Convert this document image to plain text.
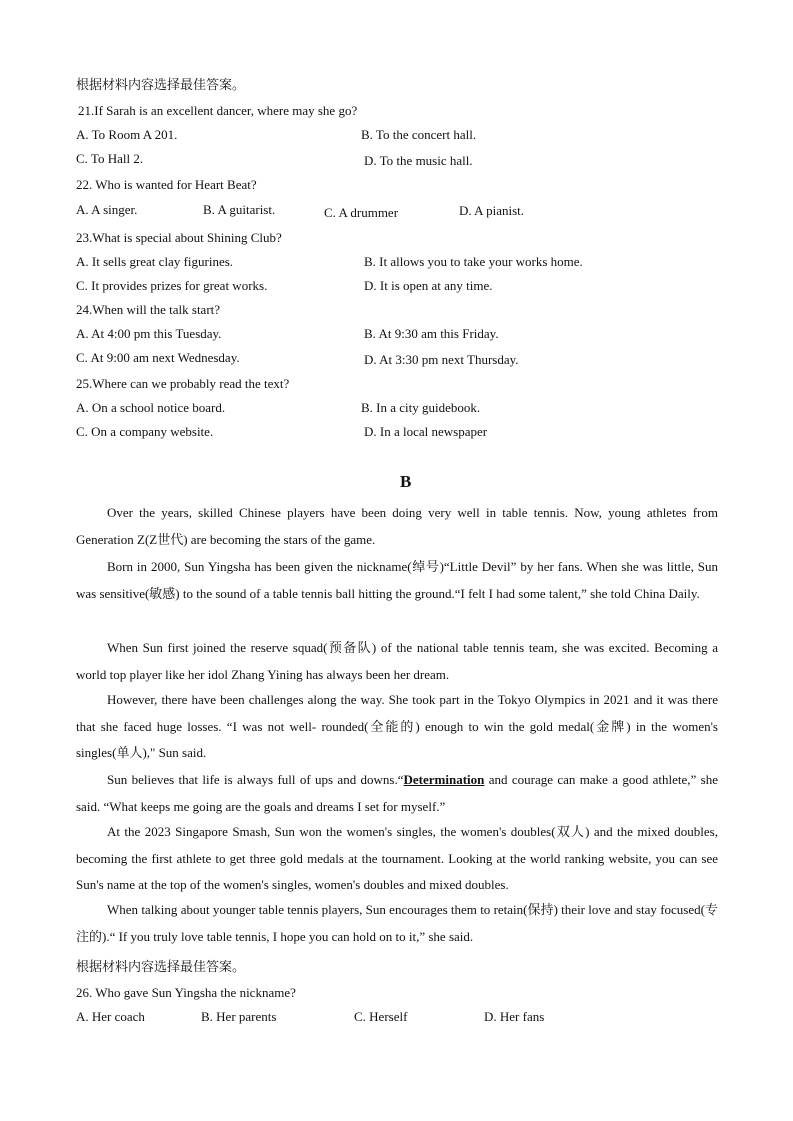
根据材料内容选择最佳答案。
21.If Sarah is an excellent dancer, where may she go?
A. To Room A 201.	B. To the concert hall.
C. To Hall 2.	D. To the music hall.
22. Who is wanted for Heart Beat?
A. A singer.	B. A guitarist.	C. A drummer	D. A pianist.
23.What is special about Shining Club?
A. It sells great clay figurines.	B. It allows you to take your works home.
C. It provides prizes for great works.	D. It is open at any time.
24.When will the talk start?
A. At 4:00 pm this Tuesday.	B. At 9:30 am this Friday.
C. At 9:00 am next Wednesday.	D. At 3:30 pm next Thursday.
25.Where can we probably read the text?
A. On a school notice board.	B. In a city guidebook.
C. On a company website.	D. In a local newspaper
B
Over the years, skilled Chinese players have been doing very well in table tennis. Now, young athletes from Generation Z(Z世代) are becoming the stars of the game.
Born in 2000, Sun Yingsha has been given the nickname(绰号)“Little Devil” by her fans. When she was little, Sun was sensitive(敏感) to the sound of a table tennis ball hitting the ground.“I felt I had some talent,” she told China Daily.
When Sun first joined the reserve squad(预备队) of the national table tennis team, she was excited. Becoming a world top player like her idol Zhang Yining has always been her dream.
However, there have been challenges along the way. She took part in the Tokyo Olympics in 2021 and it was there that she faced huge losses. “I was not well- rounded(全能的) enough to win the gold medal(金牌) in the women's singles(单人)," Sun said.
Sun believes that life is always full of ups and downs.“Determination and courage can make a good athlete,” she said. “What keeps me going are the goals and dreams I set for myself.”
At the 2023 Singapore Smash, Sun won the women's singles, the women's doubles(双人) and the mixed doubles, becoming the first athlete to get three gold medals at the tournament. Looking at the world ranking website, you can see Sun's name at the top of the women's singles, women's doubles and mixed doubles.
When talking about younger table tennis players, Sun encourages them to retain(保持) their love and stay focused(专注的).“ If you truly love table tennis, I hope you can hold on to it,” she said.
根据材料内容选择最佳答案。
26. Who gave Sun Yingsha the nickname?
A. Her coach	B. Her parents	C. Herself	D. Her fans
